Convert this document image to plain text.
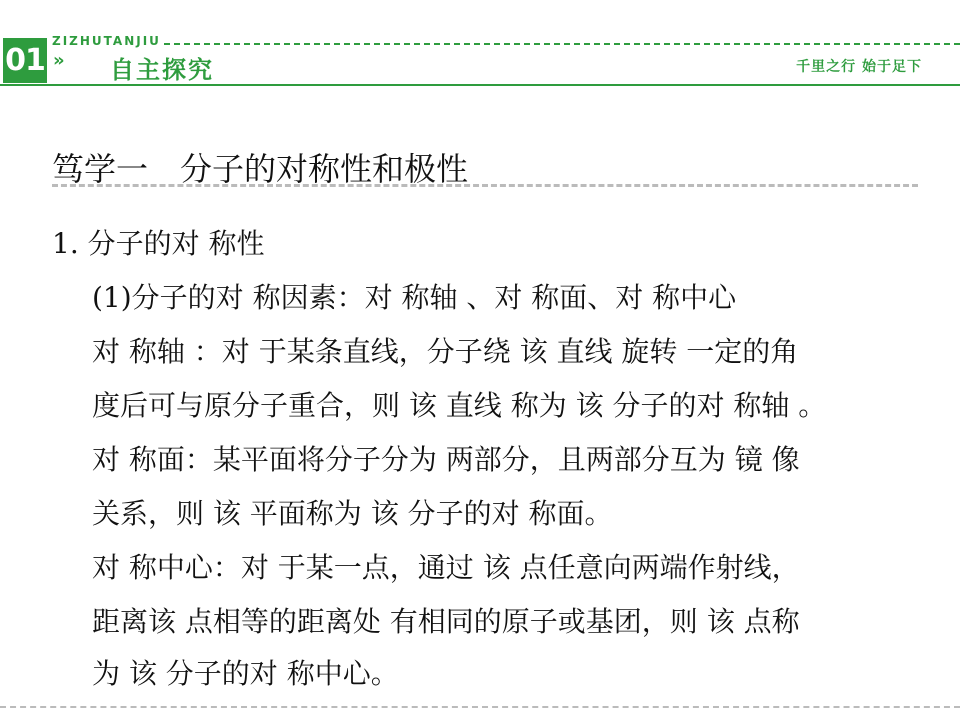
01
ZIZHUTANJIU
» 自主探究	千里之行 始于足下
笃学一　分子的对称性和极性
1. 分子的对 称性
(1)分子的对 称因素：对 称轴 、对 称面、对 称中心
对 称轴 ：对 于某条直线，分子绕 该 直线 旋转 一定的角
度后可与原分子重合，则 该 直线 称为 该 分子的对 称轴 。
对 称面：某平面将分子分为 两部分，且两部分互为 镜 像
关系，则 该 平面称为 该 分子的对 称面。
对 称中心：对 于某一点，通过 该 点任意向两端作射线，
距离该 点相等的距离处 有相同的原子或基团，则 该 点称
为 该 分子的对 称中心。
